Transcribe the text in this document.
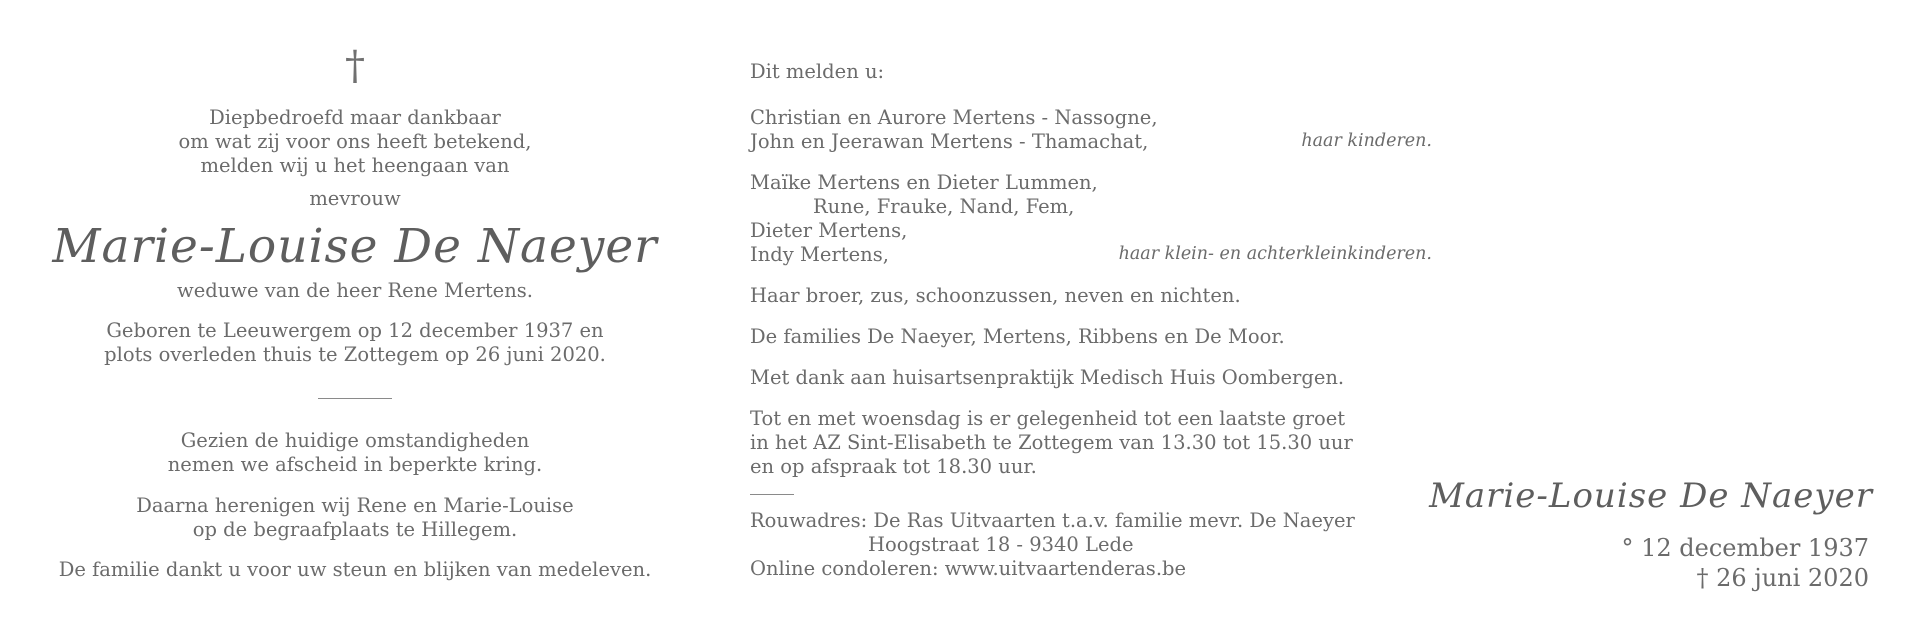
†
Diepbedroefd maar dankbaar
om wat zij voor ons heeft betekend,
melden wij u het heengaan van
mevrouw
Marie-Louise De Naeyer
weduwe van de heer Rene Mertens.
Geboren te Leeuwergem op 12 december 1937 en
plots overleden thuis te Zottegem op 26 juni 2020.
Gezien de huidige omstandigheden
nemen we afscheid in beperkte kring.
Daarna herenigen wij Rene en Marie-Louise
op de begraafplaats te Hillegem.
De familie dankt u voor uw steun en blijken van medeleven.
Dit melden u:
Christian en Aurore Mertens - Nassogne,
John en Jeerawan Mertens - Thamachat,	haar kinderen.
Maïke Mertens en Dieter Lummen,
Rune, Frauke, Nand, Fem,
Dieter Mertens,
Indy Mertens,	haar klein- en achterkleinkinderen.
Haar broer, zus, schoonzussen, neven en nichten.
De families De Naeyer, Mertens, Ribbens en De Moor.
Met dank aan huisartsenpraktijk Medisch Huis Oombergen.
Tot en met woensdag is er gelegenheid tot een laatste groet
in het AZ Sint-Elisabeth te Zottegem van 13.30 tot 15.30 uur
en op afspraak tot 18.30 uur.
Rouwadres: De Ras Uitvaarten t.a.v. familie mevr. De Naeyer
Hoogstraat 18 - 9340 Lede
Online condoleren: www.uitvaartenderas.be
Marie-Louise De Naeyer
° 12 december 1937
† 26 juni 2020
